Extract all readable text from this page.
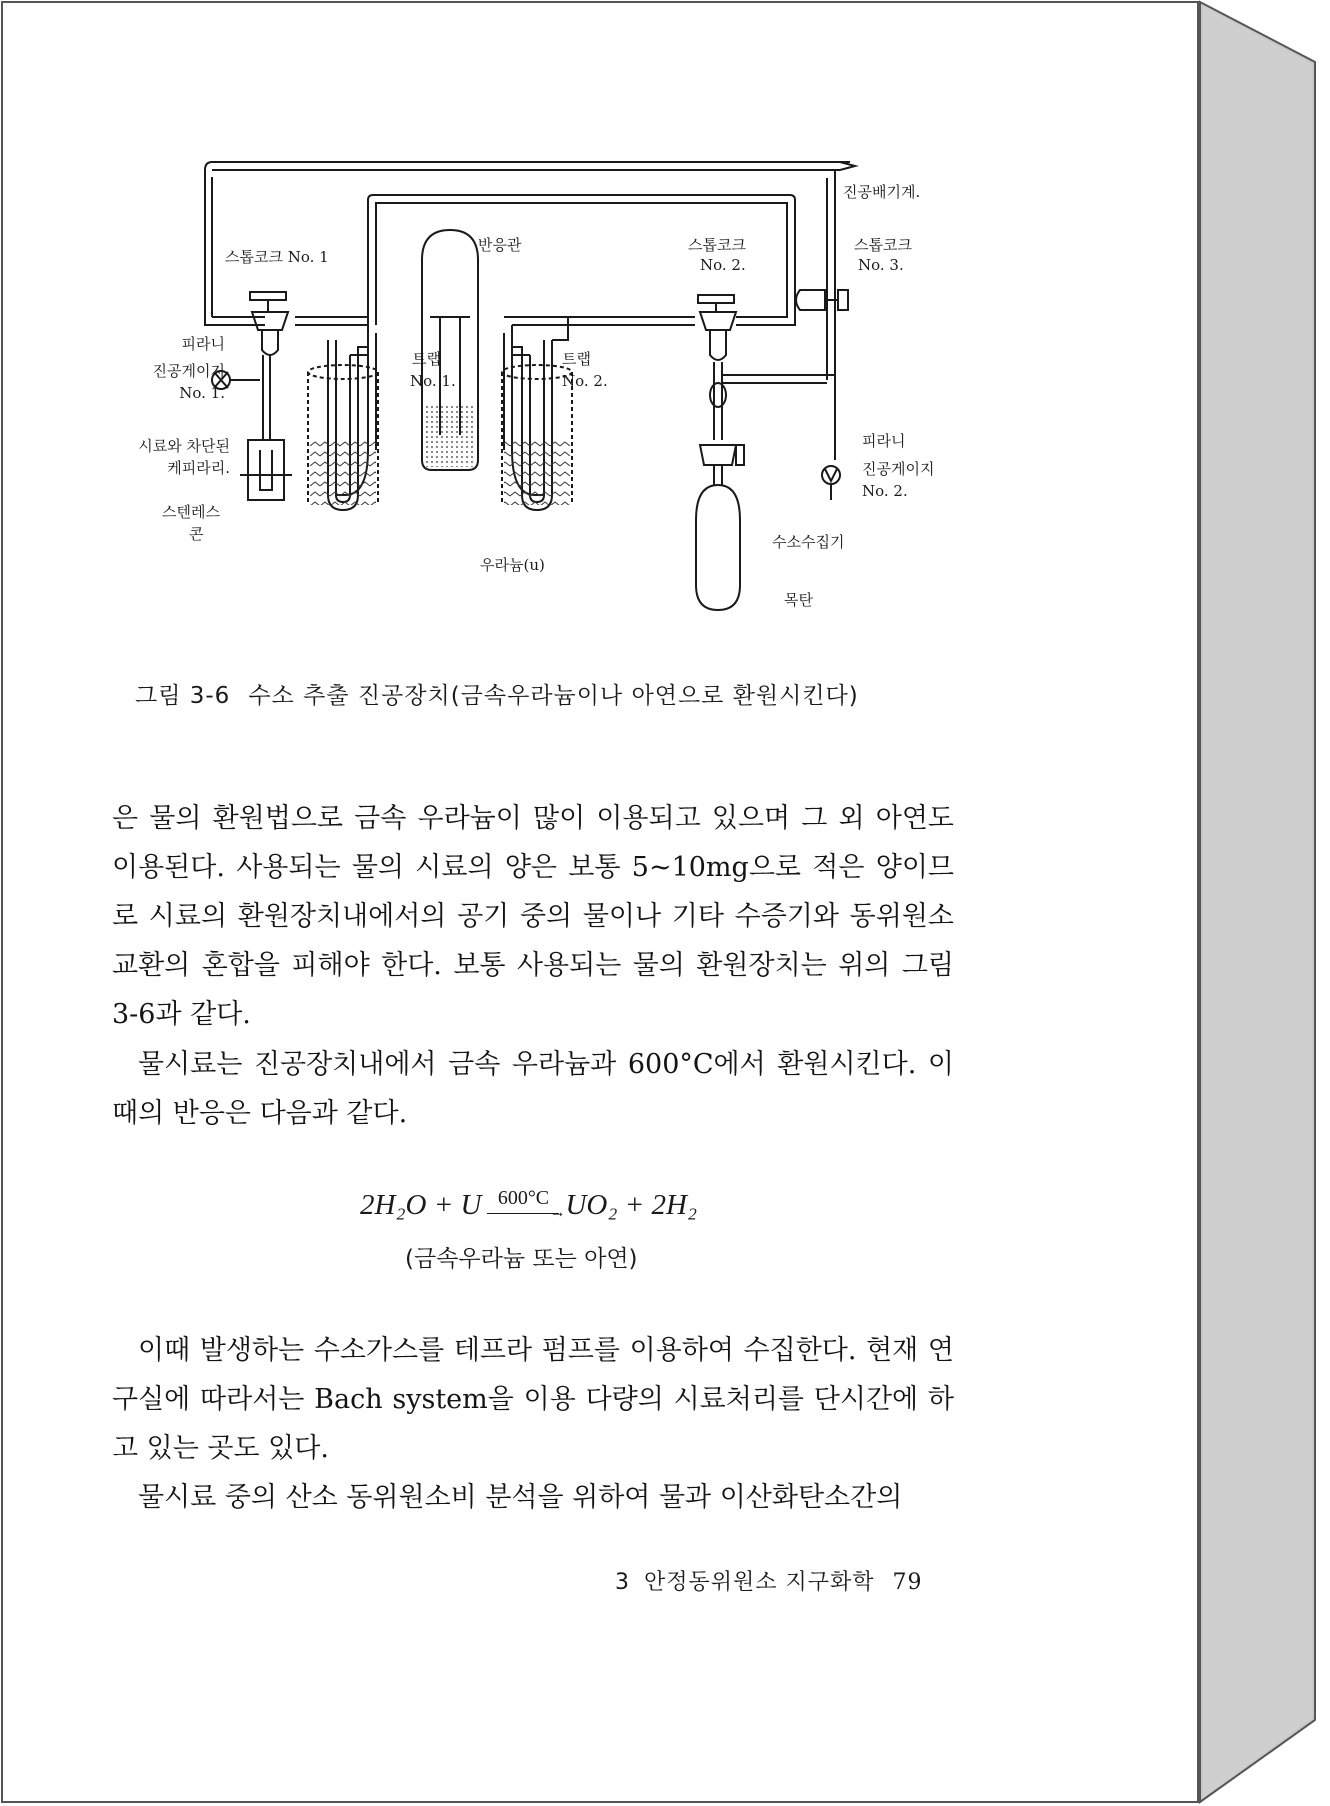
진공배기계.
스톱코크 No. 1
반응관	스톱코크
No. 2.
스톱코크
No. 3.
피라니
진공게이지
No. 1.
트랩
No. 1.
트랩
No. 2.
시료와 차단된
케피라리.
스텐레스
콘
피라니
진공게이지
No. 2.
수소수집기
우라늄(u)
목탄
그림 3-6 수소 추출 진공장치(금속우라늄이나 아연으로 환원시킨다)
은 물의 환원법으로 금속 우라늄이 많이 이용되고 있으며 그 외 아연도 이용된다. 사용되는 물의 시료의 양은 보통 5~10mg으로 적은 양이므로 시료의 환원장치내에서의 공기 중의 물이나 기타 수증기와 동위원소 교환의 혼합을 피해야 한다. 보통 사용되는 물의 환원장치는 위의 그림 3-6과 같다.
물시료는 진공장치내에서 금속 우라늄과 600°C에서 환원시킨다. 이때의 반응은 다음과 같다.
2H₂O + U 600°C
→ UO₂ + 2H₂
(금속우라늄 또는 아연)
이때 발생하는 수소가스를 테프라 펌프를 이용하여 수집한다. 현재 연구실에 따라서는 Bach system을 이용 다량의 시료처리를 단시간에 하고 있는 곳도 있다.
물시료 중의 산소 동위원소비 분석을 위하여 물과 이산화탄소간의
3 안정동위원소 지구화학 79
